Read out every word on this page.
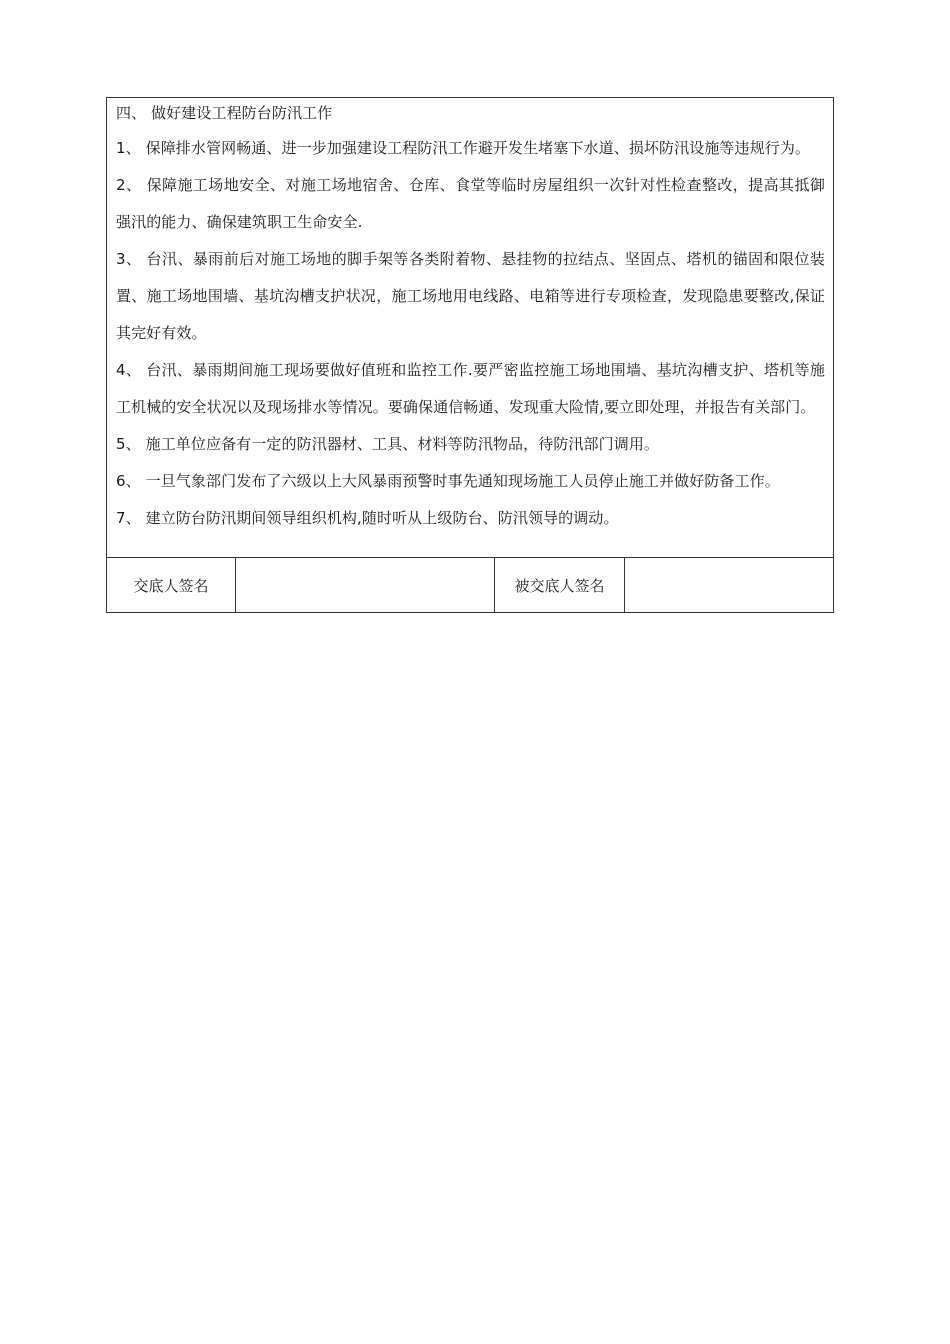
四、 做好建设工程防台防汛工作

1、 保障排水管网畅通、进一步加强建设工程防汛工作避开发生堵塞下水道、损坏防汛设施等违规行为。

2、 保障施工场地安全、对施工场地宿舍、仓库、食堂等临时房屋组织一次针对性检查整改，提高其抵御强汛的能力、确保建筑职工生命安全.

3、 台汛、暴雨前后对施工场地的脚手架等各类附着物、悬挂物的拉结点、坚固点、塔机的锚固和限位装置、施工场地围墙、基坑沟槽支护状况，施工场地用电线路、电箱等进行专项检查，发现隐患要整改,保证其完好有效。

4、 台汛、暴雨期间施工现场要做好值班和监控工作.要严密监控施工场地围墙、基坑沟槽支护、塔机等施工机械的安全状况以及现场排水等情况。要确保通信畅通、发现重大险情,要立即处理，并报告有关部门。

5、 施工单位应备有一定的防汛器材、工具、材料等防汛物品，待防汛部门调用。

6、 一旦气象部门发布了六级以上大风暴雨预警时事先通知现场施工人员停止施工并做好防备工作。

7、 建立防台防汛期间领导组织机构,随时听从上级防台、防汛领导的调动。

交底人签名	被交底人签名
